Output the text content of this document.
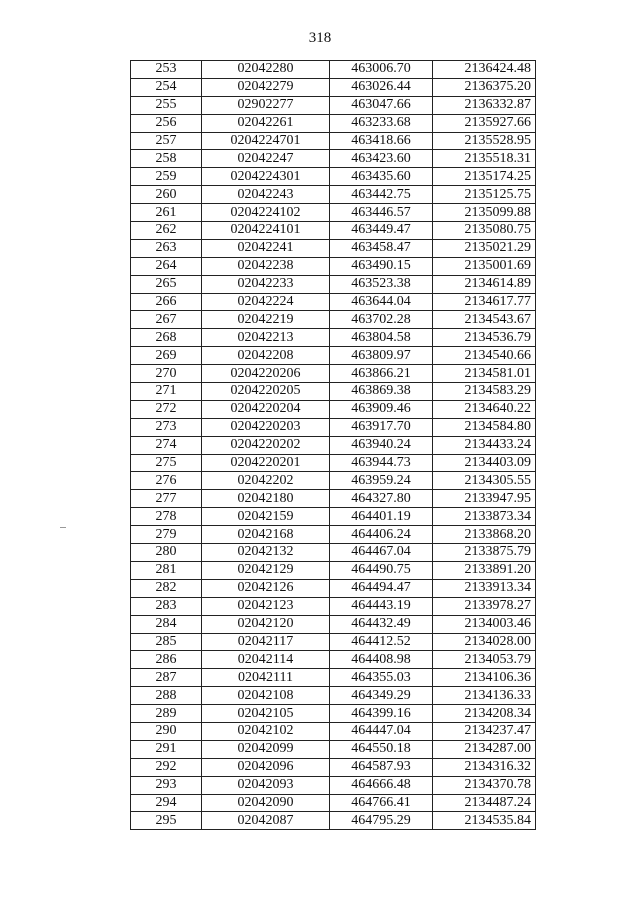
318
253	02042280	463006.70	2136424.48
254	02042279	463026.44	2136375.20
255	02902277	463047.66	2136332.87
256	02042261	463233.68	2135927.66
257	0204224701	463418.66	2135528.95
258	02042247	463423.60	2135518.31
259	0204224301	463435.60	2135174.25
260	02042243	463442.75	2135125.75
261	0204224102	463446.57	2135099.88
262	0204224101	463449.47	2135080.75
263	02042241	463458.47	2135021.29
264	02042238	463490.15	2135001.69
265	02042233	463523.38	2134614.89
266	02042224	463644.04	2134617.77
267	02042219	463702.28	2134543.67
268	02042213	463804.58	2134536.79
269	02042208	463809.97	2134540.66
270	0204220206	463866.21	2134581.01
271	0204220205	463869.38	2134583.29
272	0204220204	463909.46	2134640.22
273	0204220203	463917.70	2134584.80
274	0204220202	463940.24	2134433.24
275	0204220201	463944.73	2134403.09
276	02042202	463959.24	2134305.55
277	02042180	464327.80	2133947.95
278	02042159	464401.19	2133873.34
279	02042168	464406.24	2133868.20
280	02042132	464467.04	2133875.79
281	02042129	464490.75	2133891.20
282	02042126	464494.47	2133913.34
283	02042123	464443.19	2133978.27
284	02042120	464432.49	2134003.46
285	02042117	464412.52	2134028.00
286	02042114	464408.98	2134053.79
287	02042111	464355.03	2134106.36
288	02042108	464349.29	2134136.33
289	02042105	464399.16	2134208.34
290	02042102	464447.04	2134237.47
291	02042099	464550.18	2134287.00
292	02042096	464587.93	2134316.32
293	02042093	464666.48	2134370.78
294	02042090	464766.41	2134487.24
295	02042087	464795.29	2134535.84
